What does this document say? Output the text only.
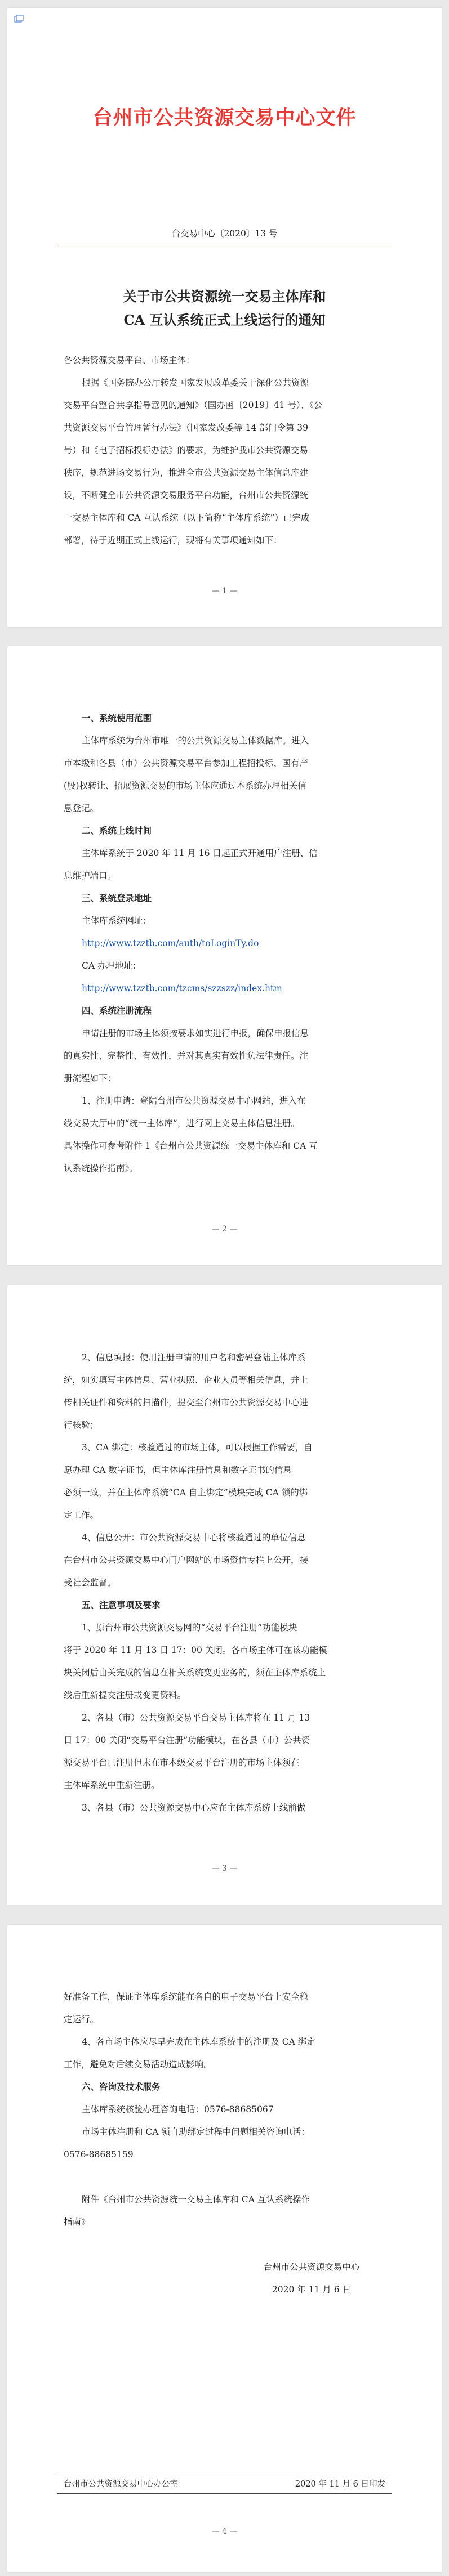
台州市公共资源交易中心文件
台交易中心〔2020〕13 号
关于市公共资源统一交易主体库和
CA 互认系统正式上线运行的通知
各公共资源交易平台、市场主体：
根据《国务院办公厅转发国家发展改革委关于深化公共资源
交易平台整合共享指导意见的通知》（国办函〔2019〕41 号）、《公
共资源交易平台管理暂行办法》（国家发改委等 14 部门令第 39
号）和《电子招标投标办法》的要求，为维护我市公共资源交易
秩序，规范进场交易行为，推进全市公共资源交易主体信息库建
设，不断健全市公共资源交易服务平台功能，台州市公共资源统
一交易主体库和 CA 互认系统（以下简称“主体库系统”）已完成
部署，待于近期正式上线运行，现将有关事项通知如下：
— 1 —
一、系统使用范围
主体库系统为台州市唯一的公共资源交易主体数据库。进入
市本级和各县（市）公共资源交易平台参加工程招投标、国有产
(股)权转让、招展资源交易的市场主体应通过本系统办理相关信
息登记。
二、系统上线时间
主体库系统于 2020 年 11 月 16 日起正式开通用户注册、信
息维护端口。
三、系统登录地址
主体库系统网址：
http://www.tzztb.com/auth/toLoginTy.do
CA 办理地址：
http://www.tzztb.com/tzcms/szzszz/index.htm
四、系统注册流程
申请注册的市场主体须按要求如实进行申报，确保申报信息
的真实性、完整性、有效性，并对其真实有效性负法律责任。注
册流程如下：
1、注册申请：登陆台州市公共资源交易中心网站，进入在
线交易大厅中的“统一主体库”，进行网上交易主体信息注册。
具体操作可参考附件 1《台州市公共资源统一交易主体库和 CA 互
认系统操作指南》。
— 2 —
2、信息填报：使用注册申请的用户名和密码登陆主体库系
统，如实填写主体信息、营业执照、企业人员等相关信息，并上
传相关证件和资料的扫描件，提交至台州市公共资源交易中心进
行核验；
3、CA 绑定：核验通过的市场主体，可以根据工作需要，自
愿办理 CA 数字证书，但主体库注册信息和数字证书的信息
必须一致，并在主体库系统“CA 自主绑定”模块完成 CA 锁的绑
定工作。
4、信息公开：市公共资源交易中心将核验通过的单位信息
在台州市公共资源交易中心门户网站的市场资信专栏上公开，接
受社会监督。
五、注意事项及要求
1、原台州市公共资源交易网的“交易平台注册”功能模块
将于 2020 年 11 月 13 日 17：00 关闭。各市场主体可在该功能模
块关闭后由关完成的信息在相关系统变更业务的，须在主体库系统上
线后重新提交注册或变更资料。
2、各县（市）公共资源交易平台交易主体库将在 11 月 13
日 17：00 关闭“交易平台注册”功能模块，在各县（市）公共资
源交易平台已注册但未在市本级交易平台注册的市场主体须在
主体库系统中重新注册。
3、各县（市）公共资源交易中心应在主体库系统上线前做
— 3 —
好准备工作，保证主体库系统能在各自的电子交易平台上安全稳
定运行。
4、各市场主体应尽早完成在主体库系统中的注册及 CA 绑定
工作，避免对后续交易活动造成影响。
六、咨询及技术服务
主体库系统核验办理咨询电话：0576-88685067
市场主体注册和 CA 锁自助绑定过程中问题相关咨询电话：
0576-88685159
附件《台州市公共资源统一交易主体库和 CA 互认系统操作
指南》
台州市公共资源交易中心
2020 年 11 月 6 日
台州市公共资源交易中心办公室	2020 年 11 月 6 日印发
— 4 —
